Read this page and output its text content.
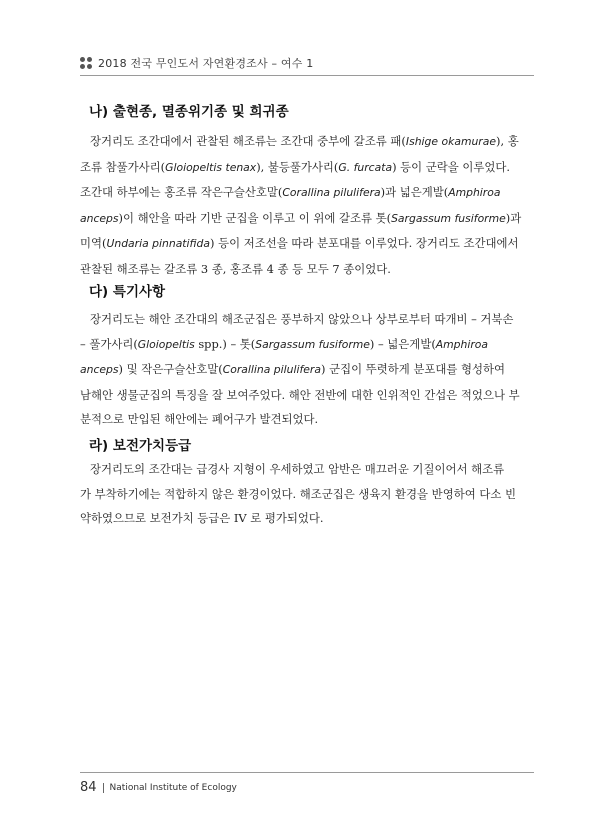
2018 전국 무인도서 자연환경조사 – 여수 1
나) 출현종, 멸종위기종 및 희귀종
장거리도 조간대에서 관찰된 해조류는 조간대 중부에 갈조류 패(Ishige okamurae), 홍
조류 참풀가사리(Gloiopeltis tenax), 불등풀가사리(G. furcata) 등이 군락을 이루었다.
조간대 하부에는 홍조류 작은구슬산호말(Corallina pilulifera)과 넓은게발(Amphiroa
anceps)이 해안을 따라 기반 군집을 이루고 이 위에 갈조류 톳(Sargassum fusiforme)과
미역(Undaria pinnatifida) 등이 저조선을 따라 분포대를 이루었다. 장거리도 조간대에서
관찰된 해조류는 갈조류 3 종, 홍조류 4 종 등 모두 7 종이었다.
다) 특기사항
장거리도는 해안 조간대의 해조군집은 풍부하지 않았으나 상부로부터 따개비 – 거북손
– 풀가사리(Gloiopeltis spp.) – 톳(Sargassum fusiforme) – 넓은게발(Amphiroa
anceps) 및 작은구슬산호말(Corallina pilulifera) 군집이 뚜렷하게 분포대를 형성하여
남해안 생물군집의 특징을 잘 보여주었다. 해안 전반에 대한 인위적인 간섭은 적었으나 부
분적으로 만입된 해안에는 폐어구가 발견되었다.
라) 보전가치등급
장거리도의 조간대는 급경사 지형이 우세하였고 암반은 매끄러운 기질이어서 해조류
가 부착하기에는 적합하지 않은 환경이었다. 해조군집은 생육지 환경을 반영하여 다소 빈
약하였으므로 보전가치 등급은 IV 로 평가되었다.
84 National Institute of Ecology
